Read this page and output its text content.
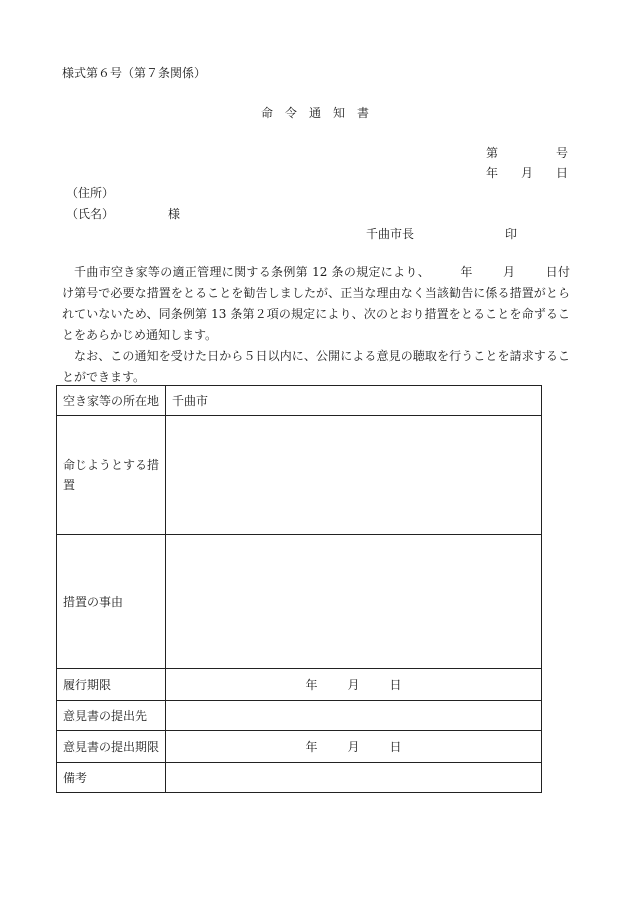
様式第６号（第７条関係）
命令通知書
第	号
年 月 日
（住所）
（氏名）	様
千曲市長	印

千曲市空き家等の適正管理に関する条例第 12 条の規定により、	年	月	日付け第号で必要な措置をとることを勧告しましたが、正当な理由なく当該勧告に係る措置がとられていないため、同条例第 13 条第２項の規定により、次のとおり措置をとることを命ずることをあらかじめ通知します。

なお、この通知を受けた日から５日以内に、公開による意見の聴取を行うことを請求することができます。

空き家等の所在地	千曲市
命じようとする措置	
措置の事由	
履行期限	年 月 日

意見書の提出先	
意見書の提出期限	年 月 日

備考	
